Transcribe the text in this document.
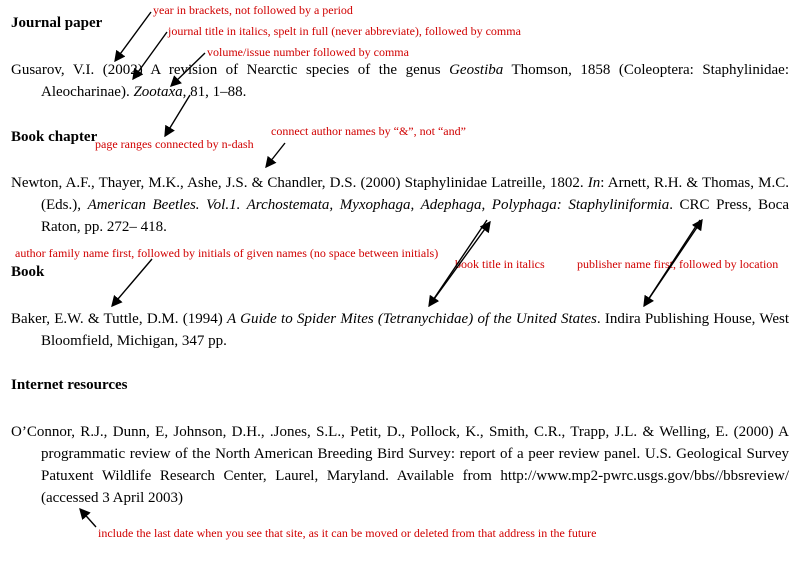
Journal paper
Book chapter
Book
Internet resources
Gusarov, V.I. (2002) A revision of Nearctic species of the genus Geostiba Thomson, 1858 (Coleoptera: Staphylinidae: Aleocharinae). Zootaxa, 81, 1–88.
Newton, A.F., Thayer, M.K., Ashe, J.S. & Chandler, D.S. (2000) Staphylinidae Latreille, 1802. In: Arnett, R.H. & Thomas, M.C. (Eds.), American Beetles. Vol.1. Archostemata, Myxophaga, Adephaga, Polyphaga: Staphyliniformia. CRC Press, Boca Raton, pp. 272– 418.
Baker, E.W. & Tuttle, D.M. (1994) A Guide to Spider Mites (Tetranychidae) of the United States. Indira Publishing House, West Bloomfield, Michigan, 347 pp.
O’Connor, R.J., Dunn, E, Johnson, D.H., .Jones, S.L., Petit, D., Pollock, K., Smith, C.R., Trapp, J.L. & Welling, E. (2000) A programmatic review of the North American Breeding Bird Survey: report of a peer review panel. U.S. Geological Survey Patuxent Wildlife Research Center, Laurel, Maryland. Available from http://www.mp2-pwrc.usgs.gov/bbs//bbsreview/ (accessed 3 April 2003)
year in brackets, not followed by a period
journal title in italics, spelt in full (never abbreviate), followed by comma
volume/issue number followed by comma
connect author names by “&”, not “and”
page ranges connected by n-dash
author family name first, followed by initials of given names (no space between initials)
book title in italics	publisher name first, followed by location
include the last date when you see that site, as it can be moved or deleted from that address in the future
